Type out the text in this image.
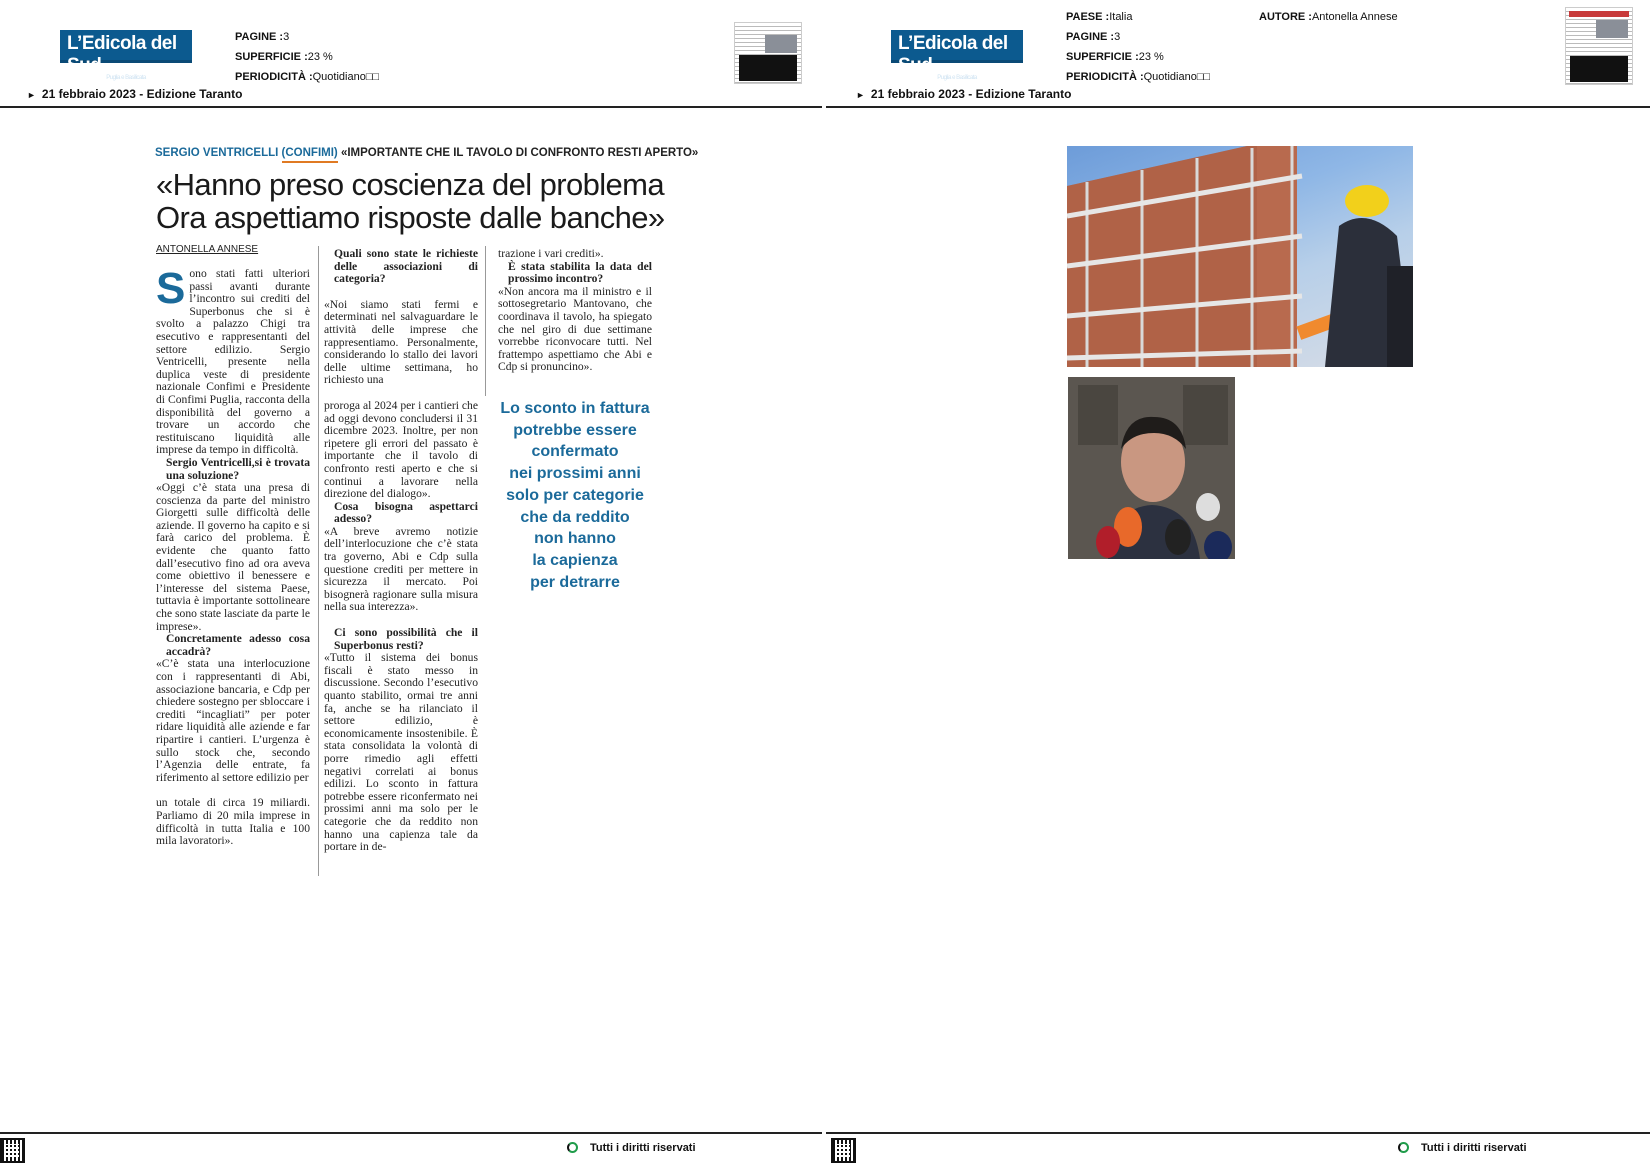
L’Edicola del Sud
Puglia e Basilicata
PAGINE :3
SUPERFICIE :23 %
PERIODICITÀ :Quotidiano□□
► 21 febbraio 2023 - Edizione Taranto
SERGIO VENTRICELLI (CONFIMI) «IMPORTANTE CHE IL TAVOLO DI CONFRONTO RESTI APERTO»
«Hanno preso coscienza del problema
Ora aspettiamo risposte dalle banche»
ANTONELLA ANNESE
S ono stati fatti ulteriori passi avanti durante l’incontro sui crediti del Superbonus che si è svolto a palazzo Chigi tra esecutivo e rappresentanti del settore edilizio. Sergio Ventricelli, presente nella duplica veste di presidente nazionale Confimi e Presidente di Confimi Puglia, racconta della disponibilità del governo a trovare un accordo che restituiscano liquidità alle imprese da tempo in difficoltà.

Sergio Ventricelli,si è trovata una soluzione?

«Oggi c’è stata una presa di coscienza da parte del ministro Giorgetti sulle difficoltà delle aziende. Il governo ha capito e si farà carico del problema. È evidente che quanto fatto dall’esecutivo fino ad ora aveva come obiettivo il benessere e l’interesse del sistema Paese, tuttavia è importante sottolineare che sono state lasciate da parte le imprese».

Concretamente adesso cosa accadrà?

«C’è stata una interlocuzione con i rappresentanti di Abi, associazione bancaria, e Cdp per chiedere sostegno per sbloccare i crediti “incagliati” per poter ridare liquidità alle aziende e far ripartire i cantieri. L’urgenza è sullo stock che, secondo l’Agenzia delle entrate, fa riferimento al settore edilizio per

un totale di circa 19 miliardi. Parliamo di 20 mila imprese in difficoltà in tutta Italia e 100 mila lavoratori».

Quali sono state le richieste delle associazioni di categoria?

«Noi siamo stati fermi e determinati nel salvaguardare le attività delle imprese che rappresentiamo. Personalmente, considerando lo stallo dei lavori delle ultime settimana, ho richiesto una

proroga al 2024 per i cantieri che ad oggi devono concludersi il 31 dicembre 2023. Inoltre, per non ripetere gli errori del passato è importante che il tavolo di confronto resti aperto e che si continui a lavorare nella direzione del dialogo».

Cosa bisogna aspettarci adesso?

«A breve avremo notizie dell’interlocuzione che c’è stata tra governo, Abi e Cdp sulla questione crediti per mettere in sicurezza il mercato. Poi bisognerà ragionare sulla misura nella sua interezza».

Ci sono possibilità che il Superbonus resti?

«Tutto il sistema dei bonus fiscali è stato messo in discussione. Secondo l’esecutivo quanto stabilito, ormai tre anni fa, anche se ha rilanciato il settore edilizio, è economicamente insostenibile. È stata consolidata la volontà di porre rimedio agli effetti negativi correlati ai bonus edilizi. Lo sconto in fattura potrebbe essere riconfermato nei prossimi anni ma solo per le categorie che da reddito non hanno una capienza tale da portare in de-

trazione i vari crediti».

È stata stabilita la data del prossimo incontro?

«Non ancora ma il ministro e il sottosegretario Mantovano, che coordinava il tavolo, ha spiegato che nel giro di due settimane vorrebbe riconvocare tutti. Nel frattempo aspettiamo che Abi e Cdp si pronuncino».

Lo sconto in fattura
potrebbe essere
confermato
nei prossimi anni
solo per categorie
che da reddito
non hanno
la capienza
per detrarre
Tutti i diritti riservati
L’Edicola del Sud
Puglia e Basilicata
PAESE :Italia
PAGINE :3
SUPERFICIE :23 %
PERIODICITÀ :Quotidiano□□
AUTORE :Antonella Annese
► 21 febbraio 2023 - Edizione Taranto
Tutti i diritti riservati
